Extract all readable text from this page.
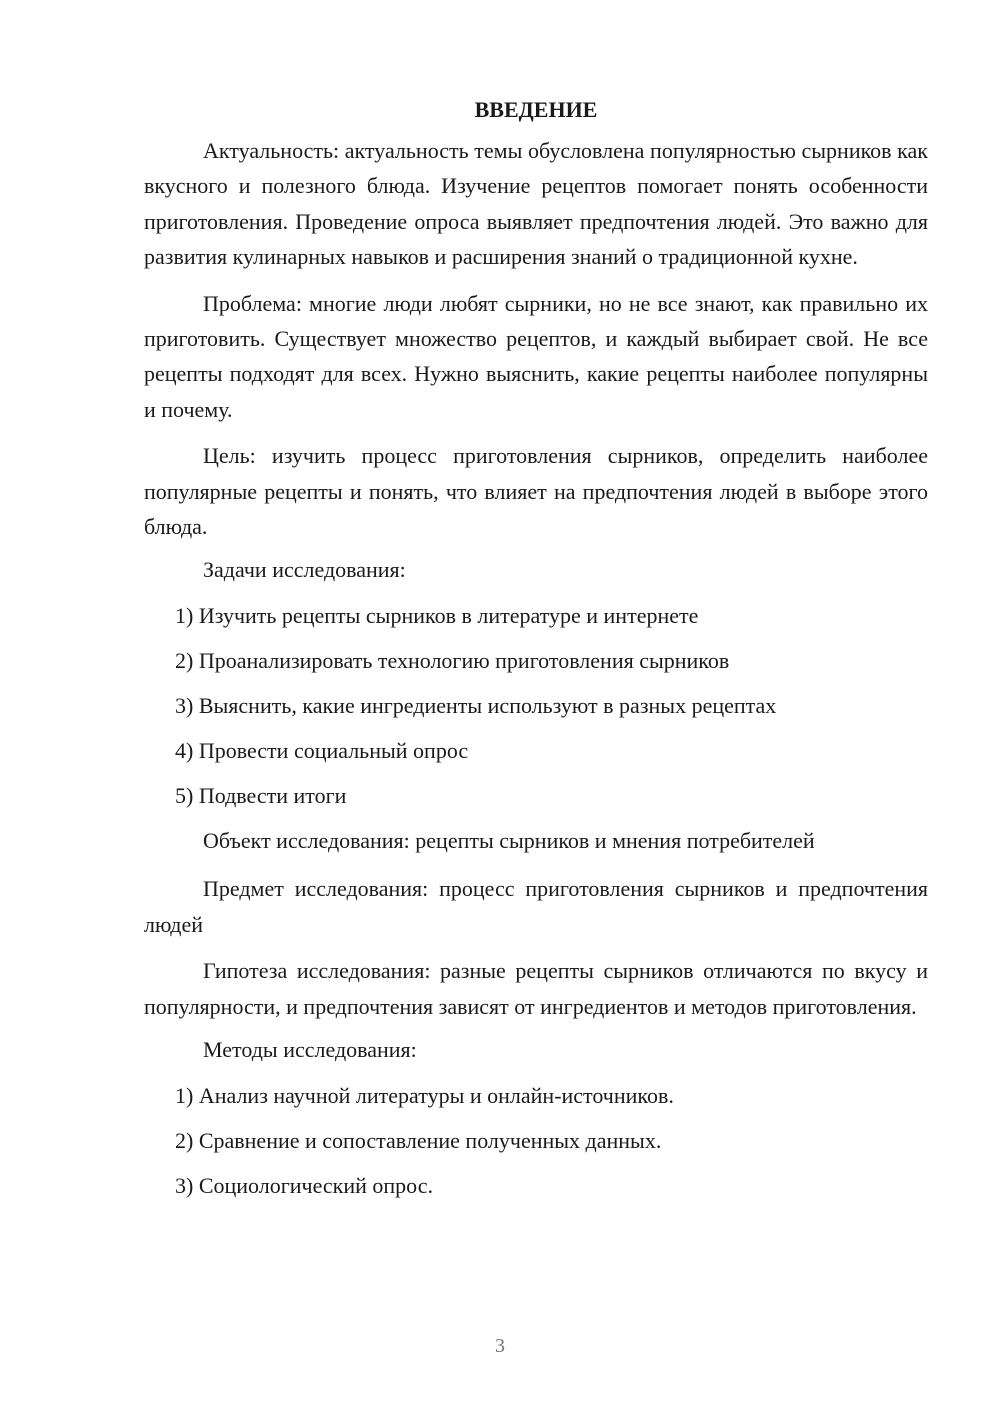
ВВЕДЕНИЕ

Актуальность: актуальность темы обусловлена популярностью сырников как вкусного и полезного блюда. Изучение рецептов помогает понять особенности приготовления. Проведение опроса выявляет предпочтения людей. Это важно для развития кулинарных навыков и расширения знаний о традиционной кухне.

Проблема: многие люди любят сырники, но не все знают, как правильно их приготовить. Существует множество рецептов, и каждый выбирает свой. Не все рецепты подходят для всех. Нужно выяснить, какие рецепты наиболее популярны и почему.

Цель: изучить процесс приготовления сырников, определить наиболее популярные рецепты и понять, что влияет на предпочтения людей в выборе этого блюда.

Задачи исследования:

1) Изучить рецепты сырников в литературе и интернете

2) Проанализировать технологию приготовления сырников

3) Выяснить, какие ингредиенты используют в разных рецептах

4) Провести социальный опрос

5) Подвести итоги

Объект исследования: рецепты сырников и мнения потребителей

Предмет исследования: процесс приготовления сырников и предпочтения людей

Гипотеза исследования: разные рецепты сырников отличаются по вкусу и популярности, и предпочтения зависят от ингредиентов и методов приготовления.

Методы исследования:

1) Анализ научной литературы и онлайн-источников.

2) Сравнение и сопоставление полученных данных.

3) Социологический опрос.

3
